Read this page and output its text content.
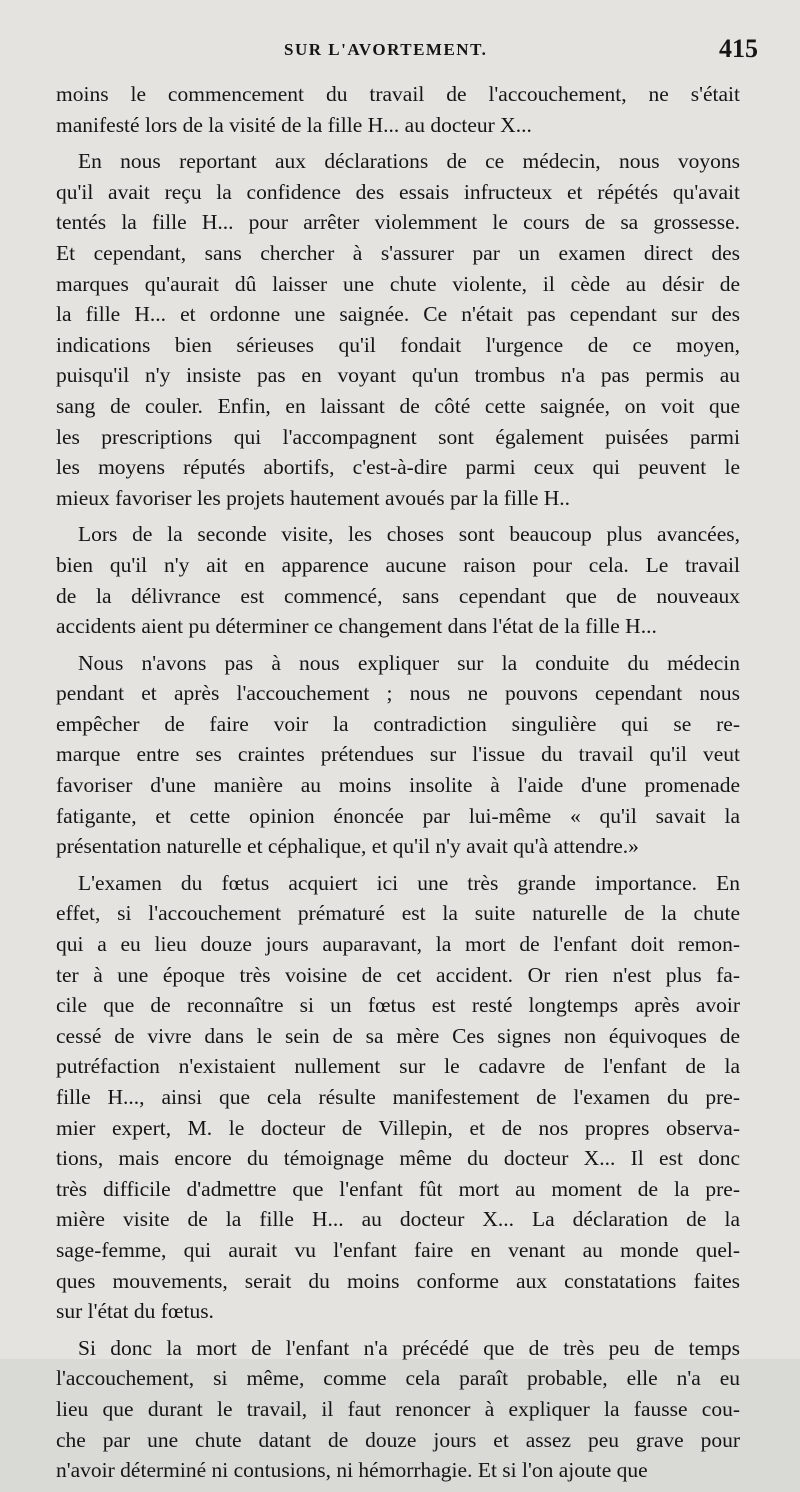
SUR L'AVORTEMENT.	415
moins le commencement du travail de l'accouchement, ne s'était
manifesté lors de la visité de la fille H... au docteur X...
En nous reportant aux déclarations de ce médecin, nous voyons
qu'il avait reçu la confidence des essais infructeux et répétés qu'avait
tentés la fille H... pour arrêter violemment le cours de sa grossesse.
Et cependant, sans chercher à s'assurer par un examen direct des
marques qu'aurait dû laisser une chute violente, il cède au désir de
la fille H... et ordonne une saignée. Ce n'était pas cependant sur des
indications bien sérieuses qu'il fondait l'urgence de ce moyen,
puisqu'il n'y insiste pas en voyant qu'un trombus n'a pas permis au
sang de couler. Enfin, en laissant de côté cette saignée, on voit que
les prescriptions qui l'accompagnent sont également puisées parmi
les moyens réputés abortifs, c'est-à-dire parmi ceux qui peuvent le
mieux favoriser les projets hautement avoués par la fille H..
Lors de la seconde visite, les choses sont beaucoup plus avancées,
bien qu'il n'y ait en apparence aucune raison pour cela. Le travail
de la délivrance est commencé, sans cependant que de nouveaux
accidents aient pu déterminer ce changement dans l'état de la fille H...
Nous n'avons pas à nous expliquer sur la conduite du médecin
pendant et après l'accouchement ; nous ne pouvons cependant nous
empêcher de faire voir la contradiction singulière qui se re-
marque entre ses craintes prétendues sur l'issue du travail qu'il veut
favoriser d'une manière au moins insolite à l'aide d'une promenade
fatigante, et cette opinion énoncée par lui-même « qu'il savait la
présentation naturelle et céphalique, et qu'il n'y avait qu'à attendre.»
L'examen du fœtus acquiert ici une très grande importance. En
effet, si l'accouchement prématuré est la suite naturelle de la chute
qui a eu lieu douze jours auparavant, la mort de l'enfant doit remon-
ter à une époque très voisine de cet accident. Or rien n'est plus fa-
cile que de reconnaître si un fœtus est resté longtemps après avoir
cessé de vivre dans le sein de sa mère Ces signes non équivoques de
putréfaction n'existaient nullement sur le cadavre de l'enfant de la
fille H..., ainsi que cela résulte manifestement de l'examen du pre-
mier expert, M. le docteur de Villepin, et de nos propres observa-
tions, mais encore du témoignage même du docteur X... Il est donc
très difficile d'admettre que l'enfant fût mort au moment de la pre-
mière visite de la fille H... au docteur X... La déclaration de la
sage-femme, qui aurait vu l'enfant faire en venant au monde quel-
ques mouvements, serait du moins conforme aux constatations faites
sur l'état du fœtus.
Si donc la mort de l'enfant n'a précédé que de très peu de temps
l'accouchement, si même, comme cela paraît probable, elle n'a eu
lieu que durant le travail, il faut renoncer à expliquer la fausse cou-
che par une chute datant de douze jours et assez peu grave pour
n'avoir déterminé ni contusions, ni hémorrhagie. Et si l'on ajoute que
